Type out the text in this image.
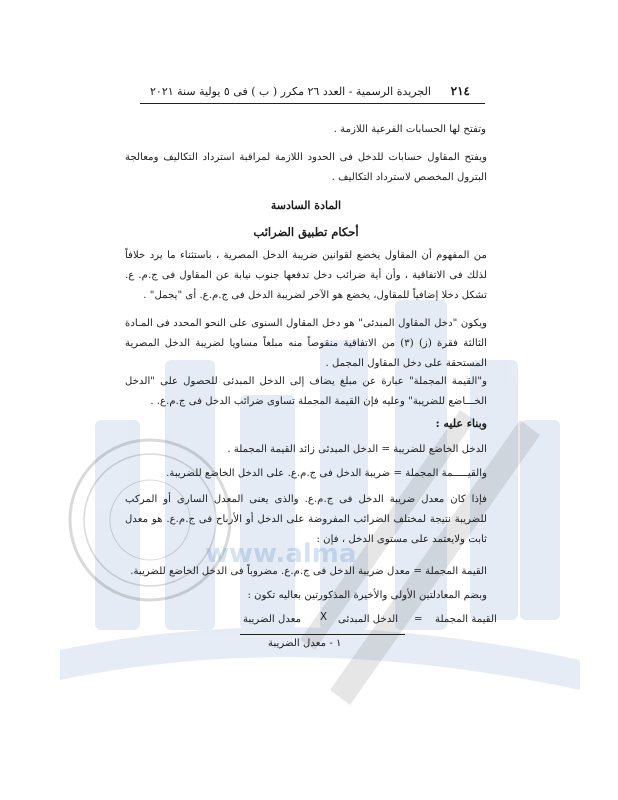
www.alma
٢١٤
الجريدة الرسمية - العدد ٢٦ مكرر ( ب ) فى ٥ يولية سنة ٢٠٢١
وتفتح لها الحسابات الفرعية اللازمة .
ويفتح المقاول حسابات للدخل فى الحدود اللازمة لمراقبة استرداد التكاليف ومعالجة البترول المخصص لاسترداد التكاليف .
المادة السادسة
أحكام تطبيق الضرائب
من المفهوم أن المقاول يخضع لقوانين ضريبة الدخل المصرية ، باستثناء ما يرد خلافاً لذلك فى الاتفاقية ، وأن أية ضرائب دخل تدفعها جنوب نيابة عن المقاول فى ج.م. ع. تشكل دخلا إضافياً للمقاول، يخضع هو الآخر لضريبة الدخل فى ج.م.ع. أى "يجمل" .
ويكون "دخل المقاول المبدئى" هو دخل المقاول السنوى على النحو المحدد فى المـادة الثالثة فقرة (ز) (٣) من الاتفاقية منقوصاً منه مبلغاً مساويا لضريبة الدخل المصرية المستحقة على دخل المقاول المجمل .
و"القيمة المجملة" عبارة عن مبلغ يضاف إلى الدخل المبدئى للحصول على "الدخل الخـــاضع للضريبة" وعليه فإن القيمة المجملة تساوى ضرائب الدخل فى ج.م.ع. .
وبناء عليه :
الدخل الخاضع للضريبة = الدخل المبدئى زائد القيمة المجملة .
والقيـــــمة المجملة = ضريبة الدخل فى ج.م.ع. على الدخل الخاضع للضريبة.
فإذا كان معدل ضريبة الدخل فى ج.م.ع. والذى يعنى المعدل السارى أو المركب للضريبة نتيجة لمختلف الضرائب المفروضة على الدخل أو الأرباح فى ج.م.ع. هو معدل ثابت ولايعتمد على مستوى الدخل ، فإن :
القيمة المجملة = معدل ضريبة الدخل فى ج.م.ع. مضروباً فى الدخل الخاضع للضريبة.
وبضم المعادلتين الأولى والأخيرة المذكورتين بعاليه تكون :
القيمة المجملة
=
الدخل المبدئى
X
معدل الضريبة
١ - معدل الضريبة
